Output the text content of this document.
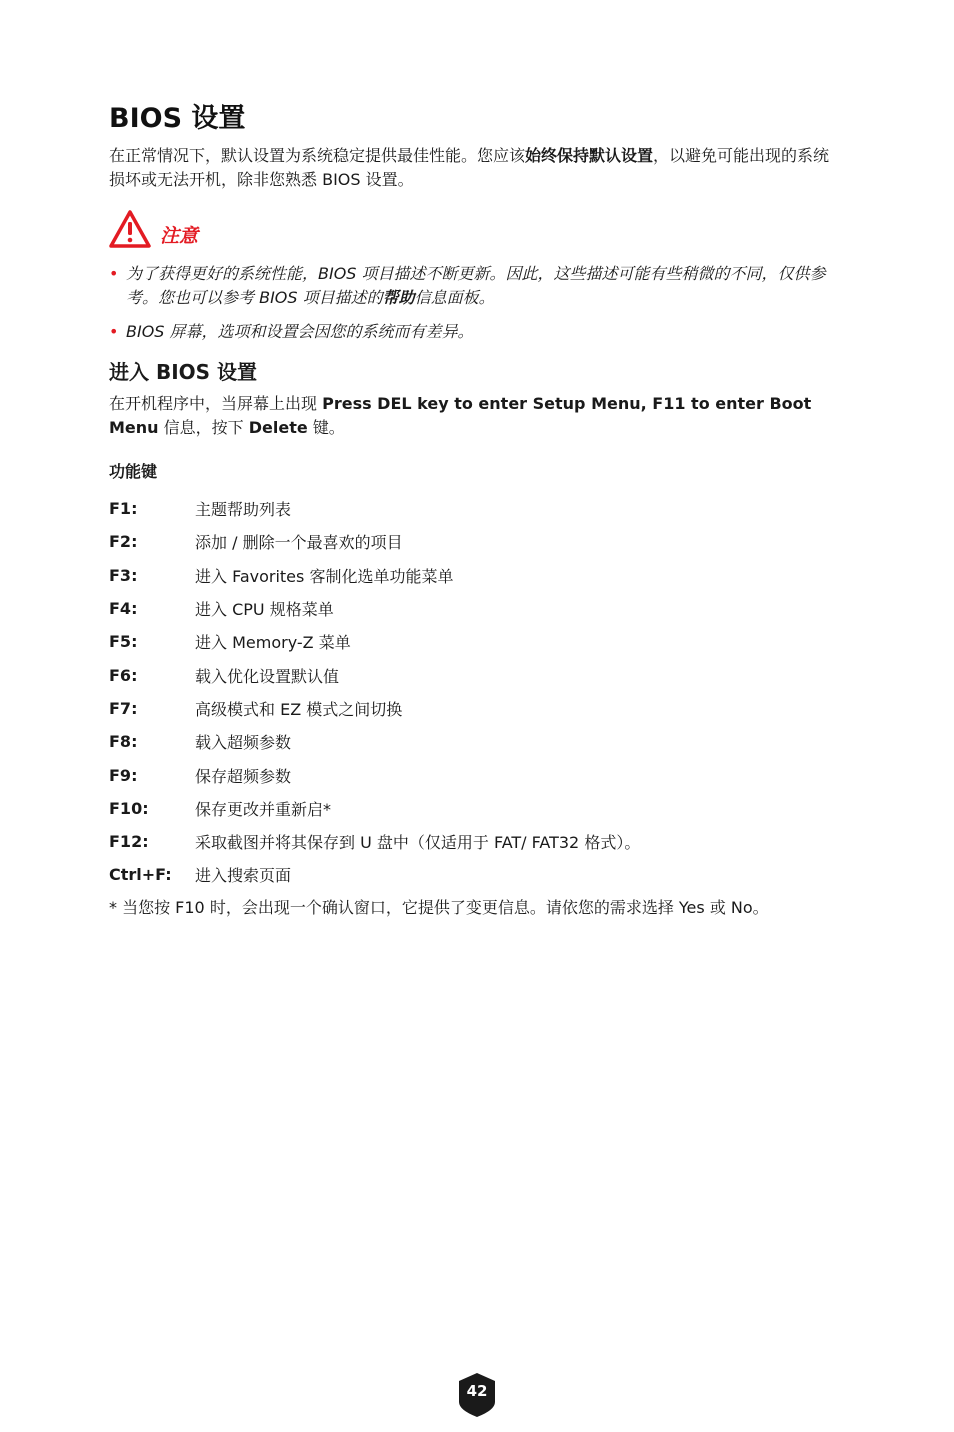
BIOS 设置

在正常情况下，默认设置为系统稳定提供最佳性能。您应该始终保持默认设置，以避免可能出现的系统损坏或无法开机，除非您熟悉 BIOS 设置。

注意
• 为了获得更好的系统性能，BIOS 项目描述不断更新。因此，这些描述可能有些稍微的不同，仅供参考。您也可以参考 BIOS 项目描述的帮助信息面板。
• BIOS 屏幕，选项和设置会因您的系统而有差异。
进入 BIOS 设置

在开机程序中，当屏幕上出现 Press DEL key to enter Setup Menu, F11 to enter Boot Menu 信息，按下 Delete 键。

功能键
F1:	主题帮助列表
F2:	添加 / 删除一个最喜欢的项目
F3:	进入 Favorites 客制化选单功能菜单
F4:	进入 CPU 规格菜单
F5:	进入 Memory-Z 菜单
F6:	载入优化设置默认值
F7:	高级模式和 EZ 模式之间切换
F8:	载入超频参数
F9:	保存超频参数
F10:	保存更改并重新启*
F12:	采取截图并将其保存到 U 盘中（仅适用于 FAT/ FAT32 格式）。
Ctrl+F:	进入搜索页面

* 当您按 F10 时，会出现一个确认窗口，它提供了变更信息。请依您的需求选择 Yes 或 No。

42
